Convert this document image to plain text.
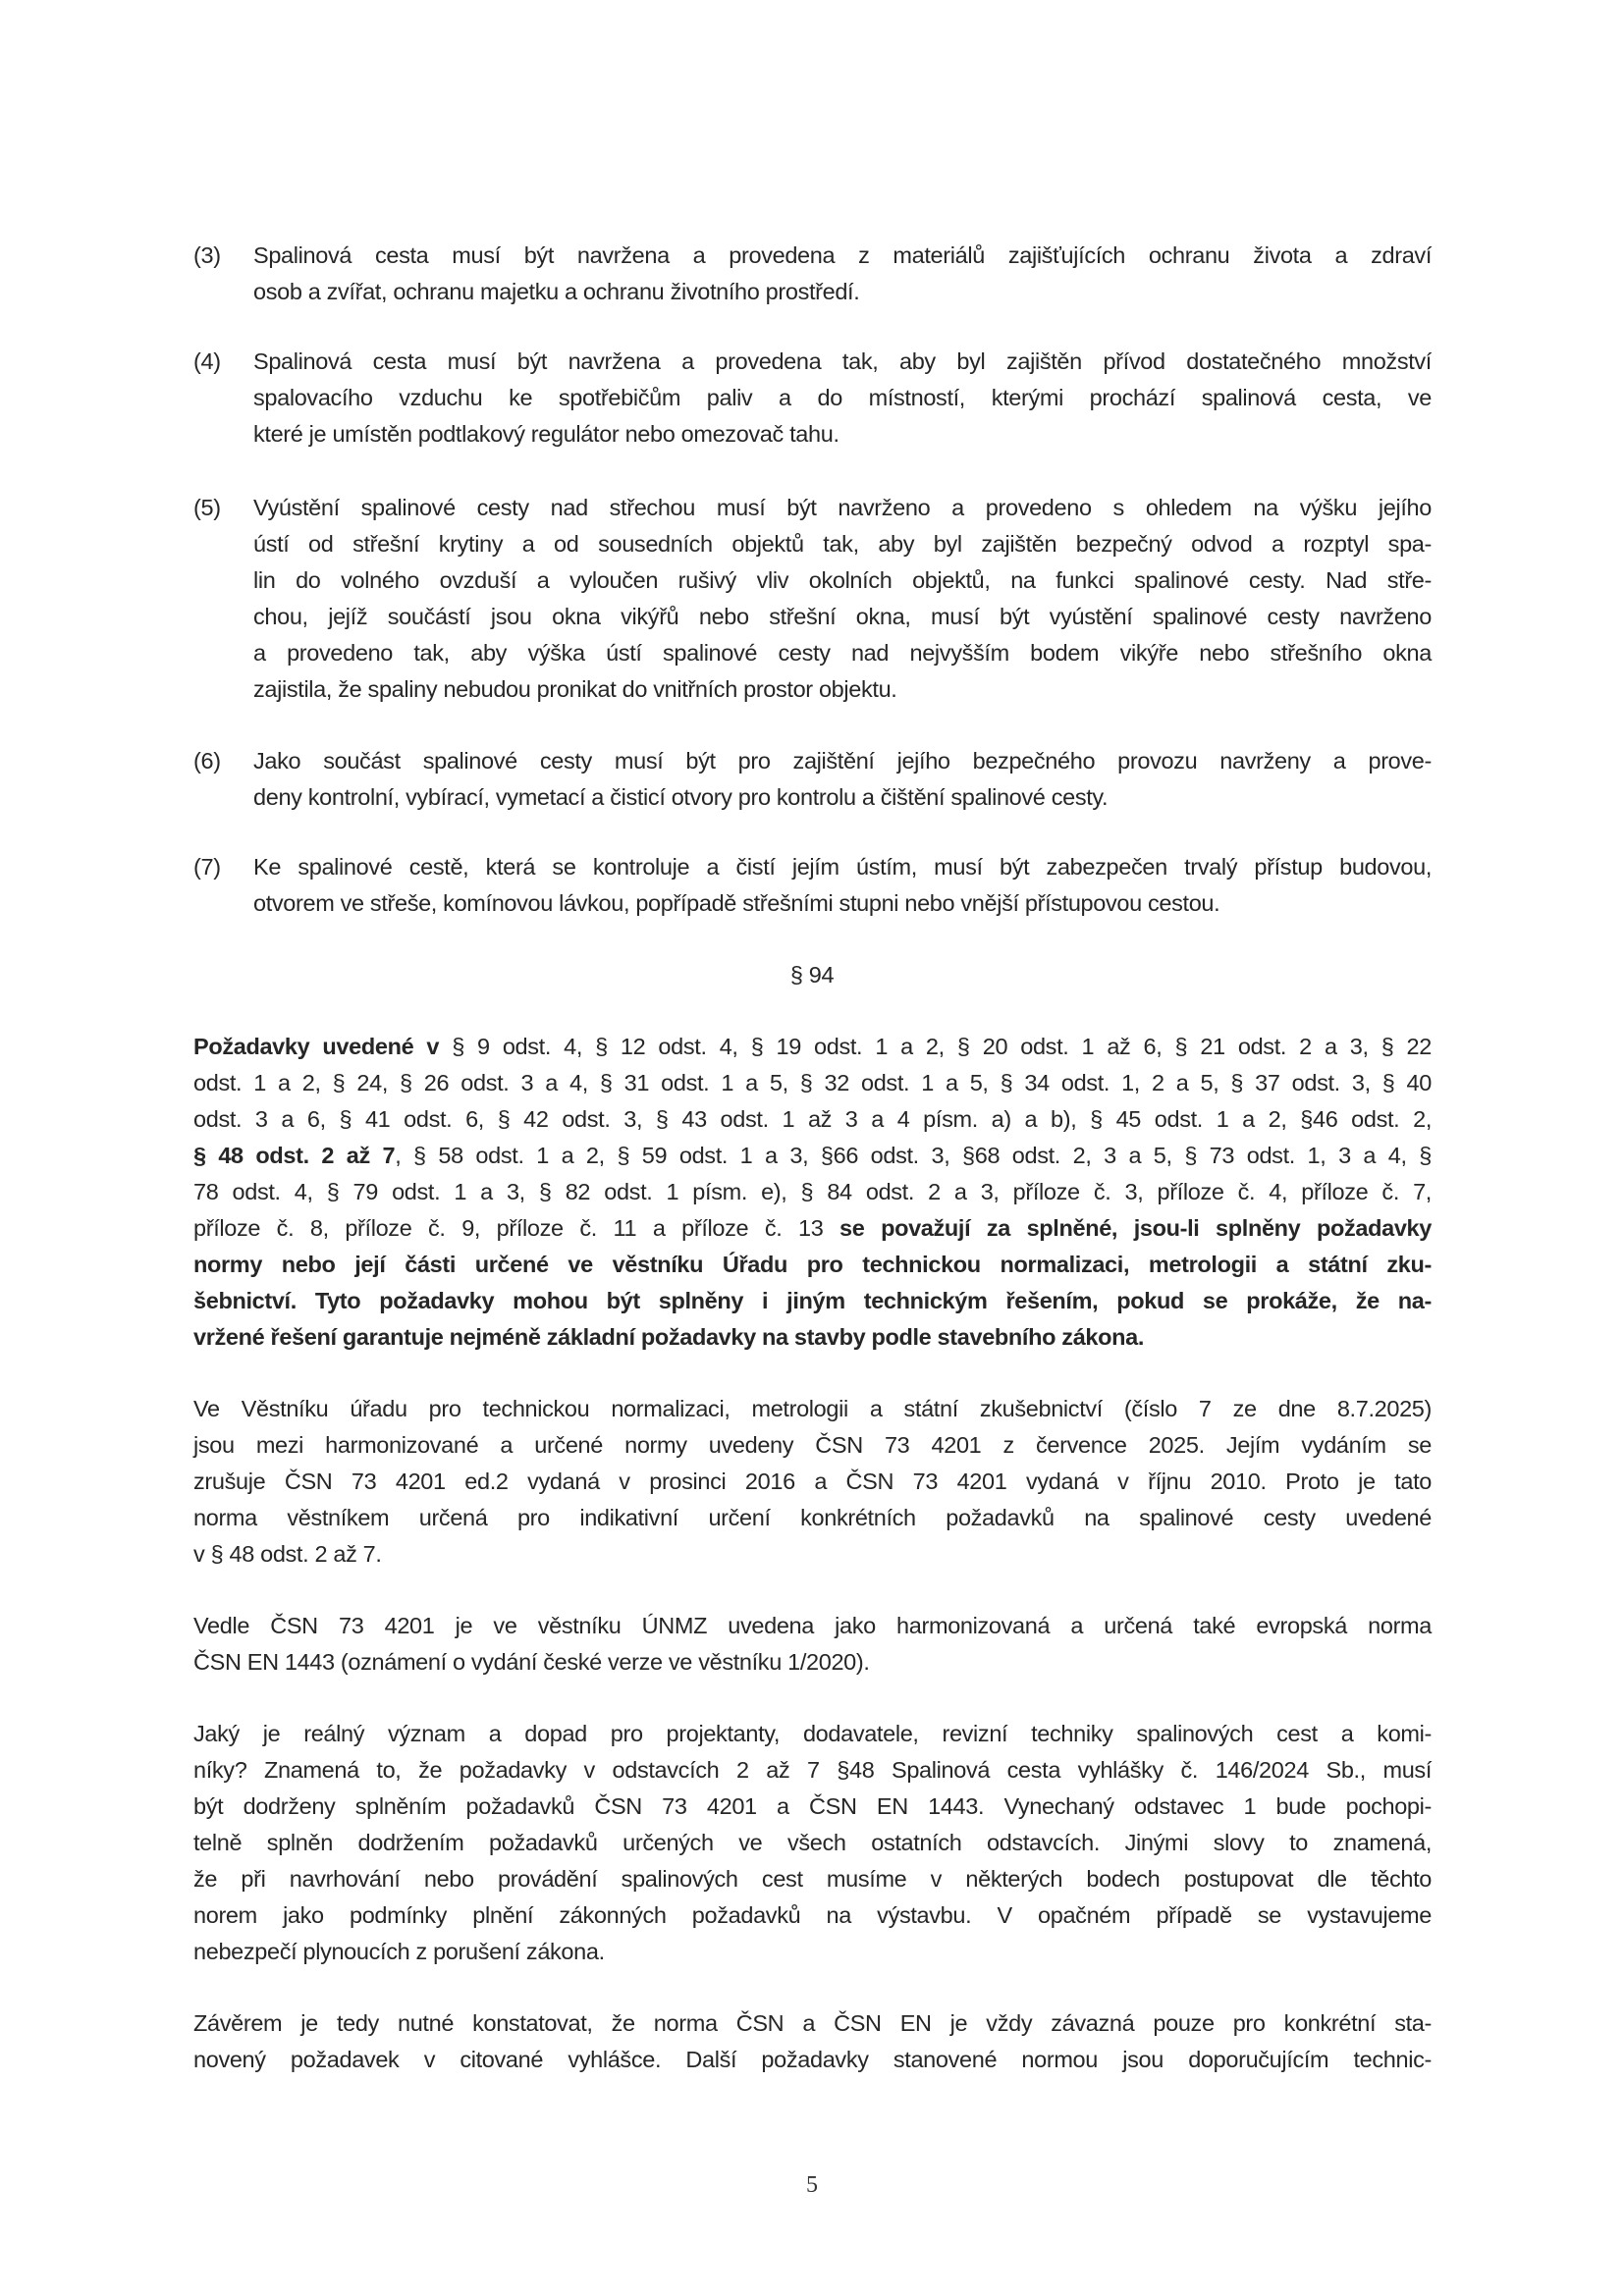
(3) Spalinová cesta musí být navržena a provedena z materiálů zajišťujících ochranu života a zdraví
osob a zvířat, ochranu majetku a ochranu životního prostředí.
(4) Spalinová cesta musí být navržena a provedena tak, aby byl zajištěn přívod dostatečného množství
spalovacího vzduchu ke spotřebičům paliv a do místností, kterými prochází spalinová cesta, ve
které je umístěn podtlakový regulátor nebo omezovač tahu.
(5) Vyústění spalinové cesty nad střechou musí být navrženo a provedeno s ohledem na výšku jejího
ústí od střešní krytiny a od sousedních objektů tak, aby byl zajištěn bezpečný odvod a rozptyl spa-
lin do volného ovzduší a vyloučen rušivý vliv okolních objektů, na funkci spalinové cesty. Nad stře-
chou, jejíž součástí jsou okna vikýřů nebo střešní okna, musí být vyústění spalinové cesty navrženo
a provedeno tak, aby výška ústí spalinové cesty nad nejvyšším bodem vikýře nebo střešního okna
zajistila, že spaliny nebudou pronikat do vnitřních prostor objektu.
(6) Jako součást spalinové cesty musí být pro zajištění jejího bezpečného provozu navrženy a prove-
deny kontrolní, vybírací, vymetací a čisticí otvory pro kontrolu a čištění spalinové cesty.
(7) Ke spalinové cestě, která se kontroluje a čistí jejím ústím, musí být zabezpečen trvalý přístup budovou,
otvorem ve střeše, komínovou lávkou, popřípadě střešními stupni nebo vnější přístupovou cestou.
§ 94
Požadavky uvedené v § 9 odst. 4, § 12 odst. 4, § 19 odst. 1 a 2, § 20 odst. 1 až 6, § 21 odst. 2 a 3, § 22
odst. 1 a 2, § 24, § 26 odst. 3 a 4, § 31 odst. 1 a 5, § 32 odst. 1 a 5, § 34 odst. 1, 2 a 5, § 37 odst. 3, § 40
odst. 3 a 6, § 41 odst. 6, § 42 odst. 3, § 43 odst. 1 až 3 a 4 písm. a) a b), § 45 odst. 1 a 2, §46 odst. 2,
§ 48 odst. 2 až 7, § 58 odst. 1 a 2, § 59 odst. 1 a 3, §66 odst. 3, §68 odst. 2, 3 a 5, § 73 odst. 1, 3 a 4, §
78 odst. 4, § 79 odst. 1 a 3, § 82 odst. 1 písm. e), § 84 odst. 2 a 3, příloze č. 3, příloze č. 4, příloze č. 7,
příloze č. 8, příloze č. 9, příloze č. 11 a příloze č. 13 se považují za splněné, jsou-li splněny požadavky
normy nebo její části určené ve věstníku Úřadu pro technickou normalizaci, metrologii a státní zku-
šebnictví. Tyto požadavky mohou být splněny i jiným technickým řešením, pokud se prokáže, že na-
vržené řešení garantuje nejméně základní požadavky na stavby podle stavebního zákona.
Ve Věstníku úřadu pro technickou normalizaci, metrologii a státní zkušebnictví (číslo 7 ze dne 8.7.2025)
jsou mezi harmonizované a určené normy uvedeny ČSN 73 4201 z července 2025. Jejím vydáním se
zrušuje ČSN 73 4201 ed.2 vydaná v prosinci 2016 a ČSN 73 4201 vydaná v říjnu 2010. Proto je tato
norma věstníkem určená pro indikativní určení konkrétních požadavků na spalinové cesty uvedené
v § 48 odst. 2 až 7.
Vedle ČSN 73 4201 je ve věstníku ÚNMZ uvedena jako harmonizovaná a určená také evropská norma
ČSN EN 1443 (oznámení o vydání české verze ve věstníku 1/2020).
Jaký je reálný význam a dopad pro projektanty, dodavatele, revizní techniky spalinových cest a komi-
níky? Znamená to, že požadavky v odstavcích 2 až 7 §48 Spalinová cesta vyhlášky č. 146/2024 Sb., musí
být dodrženy splněním požadavků ČSN 73 4201 a ČSN EN 1443. Vynechaný odstavec 1 bude pochopi-
telně splněn dodržením požadavků určených ve všech ostatních odstavcích. Jinými slovy to znamená,
že při navrhování nebo provádění spalinových cest musíme v některých bodech postupovat dle těchto
norem jako podmínky plnění zákonných požadavků na výstavbu. V opačném případě se vystavujeme
nebezpečí plynoucích z porušení zákona.
Závěrem je tedy nutné konstatovat, že norma ČSN a ČSN EN je vždy závazná pouze pro konkrétní sta-
novený požadavek v citované vyhlášce. Další požadavky stanovené normou jsou doporučujícím technic-
5
